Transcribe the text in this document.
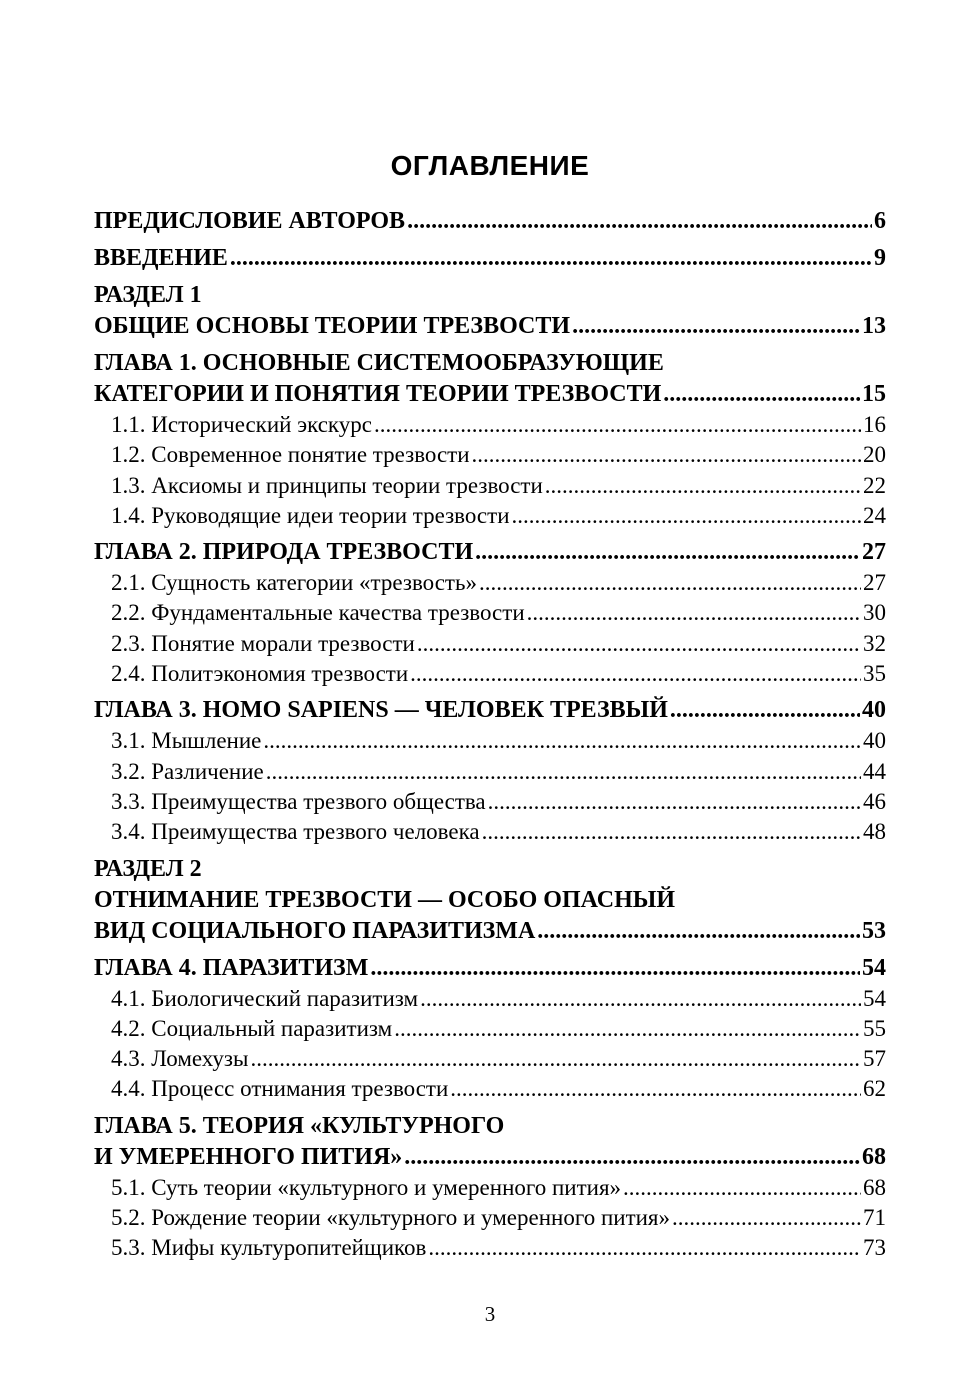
ОГЛАВЛЕНИЕ
ПРЕДИСЛОВИЕ АВТОРОВ .....	6
ВВЕДЕНИЕ .....	9
РАЗДЕЛ 1
ОБЩИЕ ОСНОВЫ ТЕОРИИ ТРЕЗВОСТИ .....	13
ГЛАВА 1. ОСНОВНЫЕ СИСТЕМООБРАЗУЮЩИЕ
КАТЕГОРИИ И ПОНЯТИЯ ТЕОРИИ ТРЕЗВОСТИ .....	15
1.1. Исторический экскурс .....	16
1.2. Современное понятие трезвости .....	20
1.3. Аксиомы и принципы теории трезвости .....	22
1.4. Руководящие идеи теории трезвости .....	24
ГЛАВА 2. ПРИРОДА ТРЕЗВОСТИ .....	27
2.1. Сущность категории «трезвость» .....	27
2.2. Фундаментальные качества трезвости .....	30
2.3. Понятие морали трезвости .....	32
2.4. Политэкономия трезвости .....	35
ГЛАВА 3. HOMO SAPIENS — ЧЕЛОВЕК ТРЕЗВЫЙ .....	40
3.1. Мышление .....	40
3.2. Различение .....	44
3.3. Преимущества трезвого общества .....	46
3.4. Преимущества трезвого человека .....	48
РАЗДЕЛ 2
ОТНИМАНИЕ ТРЕЗВОСТИ — ОСОБО ОПАСНЫЙ
ВИД СОЦИАЛЬНОГО ПАРАЗИТИЗМА .....	53
ГЛАВА 4. ПАРАЗИТИЗМ .....	54
4.1. Биологический паразитизм .....	54
4.2. Социальный паразитизм .....	55
4.3. Ломехузы .....	57
4.4. Процесс отнимания трезвости .....	62
ГЛАВА 5. ТЕОРИЯ «КУЛЬТУРНОГО
И УМЕРЕННОГО ПИТИЯ» .....	68
5.1. Суть теории «культурного и умеренного пития» .....	68
5.2. Рождение теории «культурного и умеренного пития» .....	71
5.3. Мифы культуропитейщиков .....	73
3
